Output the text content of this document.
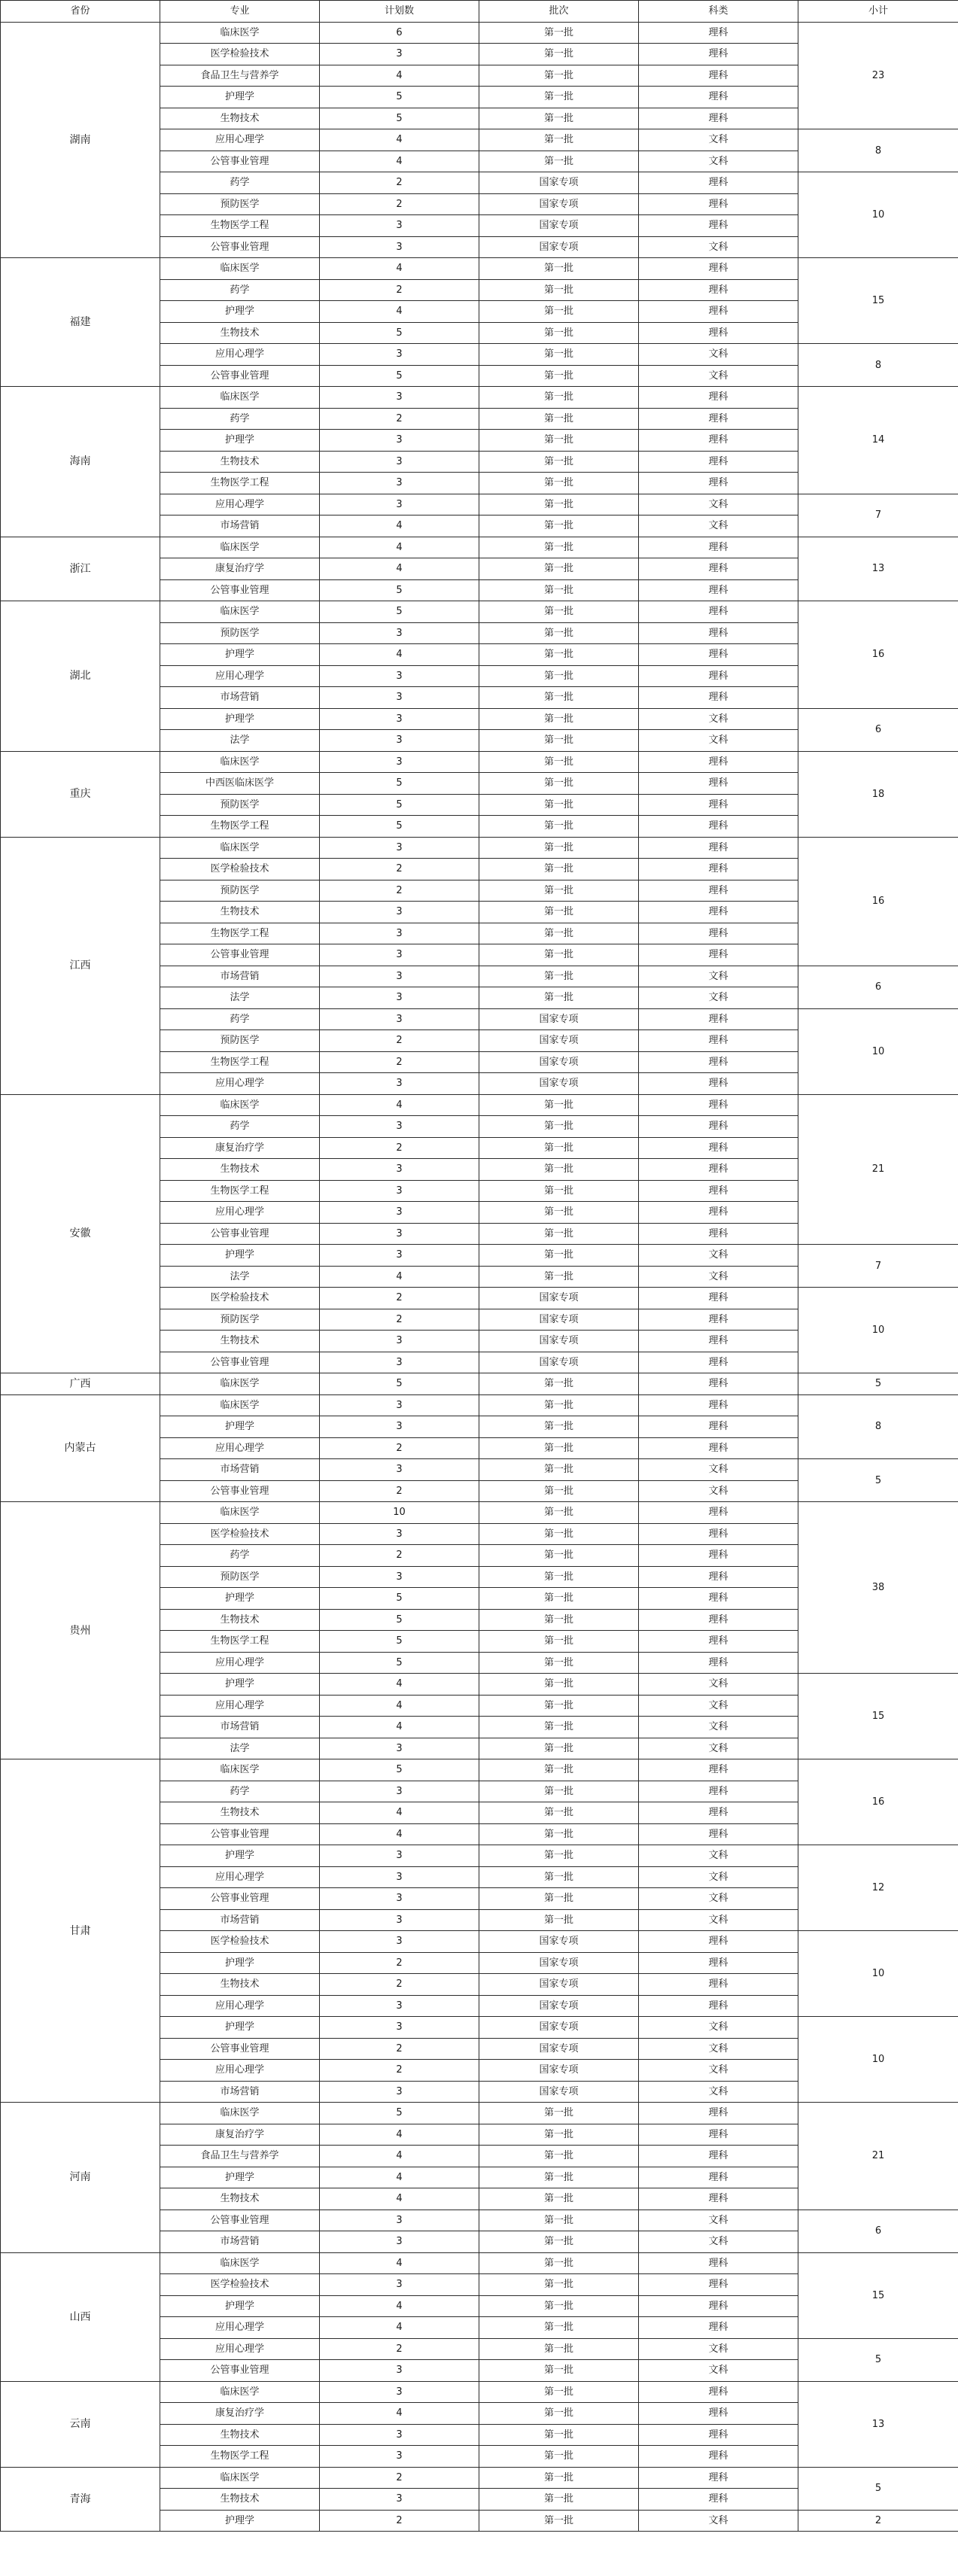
省份	专业	计划数	批次	科类	小计
湖南	临床医学	6	第一批	理科	23
	医学检验技术	3	第一批	理科	
	食品卫生与营养学	4	第一批	理科	
	护理学	5	第一批	理科	
	生物技术	5	第一批	理科	
	应用心理学	4	第一批	文科	8
	公管事业管理	4	第一批	文科	
	药学	2	国家专项	理科	10
	预防医学	2	国家专项	理科	
	生物医学工程	3	国家专项	理科	
	公管事业管理	3	国家专项	文科	
福建	临床医学	4	第一批	理科	15
	药学	2	第一批	理科	
	护理学	4	第一批	理科	
	生物技术	5	第一批	理科	
	应用心理学	3	第一批	文科	8
	公管事业管理	5	第一批	文科	
海南	临床医学	3	第一批	理科	14
	药学	2	第一批	理科	
	护理学	3	第一批	理科	
	生物技术	3	第一批	理科	
	生物医学工程	3	第一批	理科	
	应用心理学	3	第一批	文科	7
	市场营销	4	第一批	文科	
浙江	临床医学	4	第一批	理科	13
	康复治疗学	4	第一批	理科	
	公管事业管理	5	第一批	理科	
湖北	临床医学	5	第一批	理科	16
	预防医学	3	第一批	理科	
	护理学	4	第一批	理科	
	应用心理学	3	第一批	理科	
	市场营销	3	第一批	理科	
	护理学	3	第一批	文科	6
	法学	3	第一批	文科	
重庆	临床医学	3	第一批	理科	18
	中西医临床医学	5	第一批	理科	
	预防医学	5	第一批	理科	
	生物医学工程	5	第一批	理科	
江西	临床医学	3	第一批	理科	16
	医学检验技术	2	第一批	理科	
	预防医学	2	第一批	理科	
	生物技术	3	第一批	理科	
	生物医学工程	3	第一批	理科	
	公管事业管理	3	第一批	理科	
	市场营销	3	第一批	文科	6
	法学	3	第一批	文科	
	药学	3	国家专项	理科	10
	预防医学	2	国家专项	理科	
	生物医学工程	2	国家专项	理科	
	应用心理学	3	国家专项	理科	
安徽	临床医学	4	第一批	理科	21
	药学	3	第一批	理科	
	康复治疗学	2	第一批	理科	
	生物技术	3	第一批	理科	
	生物医学工程	3	第一批	理科	
	应用心理学	3	第一批	理科	
	公管事业管理	3	第一批	理科	
	护理学	3	第一批	文科	7
	法学	4	第一批	文科	
	医学检验技术	2	国家专项	理科	10
	预防医学	2	国家专项	理科	
	生物技术	3	国家专项	理科	
	公管事业管理	3	国家专项	理科	
广西	临床医学	5	第一批	理科	5
内蒙古	临床医学	3	第一批	理科	8
	护理学	3	第一批	理科	
	应用心理学	2	第一批	理科	
	市场营销	3	第一批	文科	5
	公管事业管理	2	第一批	文科	
贵州	临床医学	10	第一批	理科	38
	医学检验技术	3	第一批	理科	
	药学	2	第一批	理科	
	预防医学	3	第一批	理科	
	护理学	5	第一批	理科	
	生物技术	5	第一批	理科	
	生物医学工程	5	第一批	理科	
	应用心理学	5	第一批	理科	
	护理学	4	第一批	文科	15
	应用心理学	4	第一批	文科	
	市场营销	4	第一批	文科	
	法学	3	第一批	文科	
甘肃	临床医学	5	第一批	理科	16
	药学	3	第一批	理科	
	生物技术	4	第一批	理科	
	公管事业管理	4	第一批	理科	
	护理学	3	第一批	文科	12
	应用心理学	3	第一批	文科	
	公管事业管理	3	第一批	文科	
	市场营销	3	第一批	文科	
	医学检验技术	3	国家专项	理科	10
	护理学	2	国家专项	理科	
	生物技术	2	国家专项	理科	
	应用心理学	3	国家专项	理科	
	护理学	3	国家专项	文科	10
	公管事业管理	2	国家专项	文科	
	应用心理学	2	国家专项	文科	
	市场营销	3	国家专项	文科	
河南	临床医学	5	第一批	理科	21
	康复治疗学	4	第一批	理科	
	食品卫生与营养学	4	第一批	理科	
	护理学	4	第一批	理科	
	生物技术	4	第一批	理科	
	公管事业管理	3	第一批	文科	6
	市场营销	3	第一批	文科	
山西	临床医学	4	第一批	理科	15
	医学检验技术	3	第一批	理科	
	护理学	4	第一批	理科	
	应用心理学	4	第一批	理科	
	应用心理学	2	第一批	文科	5
	公管事业管理	3	第一批	文科	
云南	临床医学	3	第一批	理科	13
	康复治疗学	4	第一批	理科	
	生物技术	3	第一批	理科	
	生物医学工程	3	第一批	理科	
青海	临床医学	2	第一批	理科	5
	生物技术	3	第一批	理科	
	护理学	2	第一批	文科	2
